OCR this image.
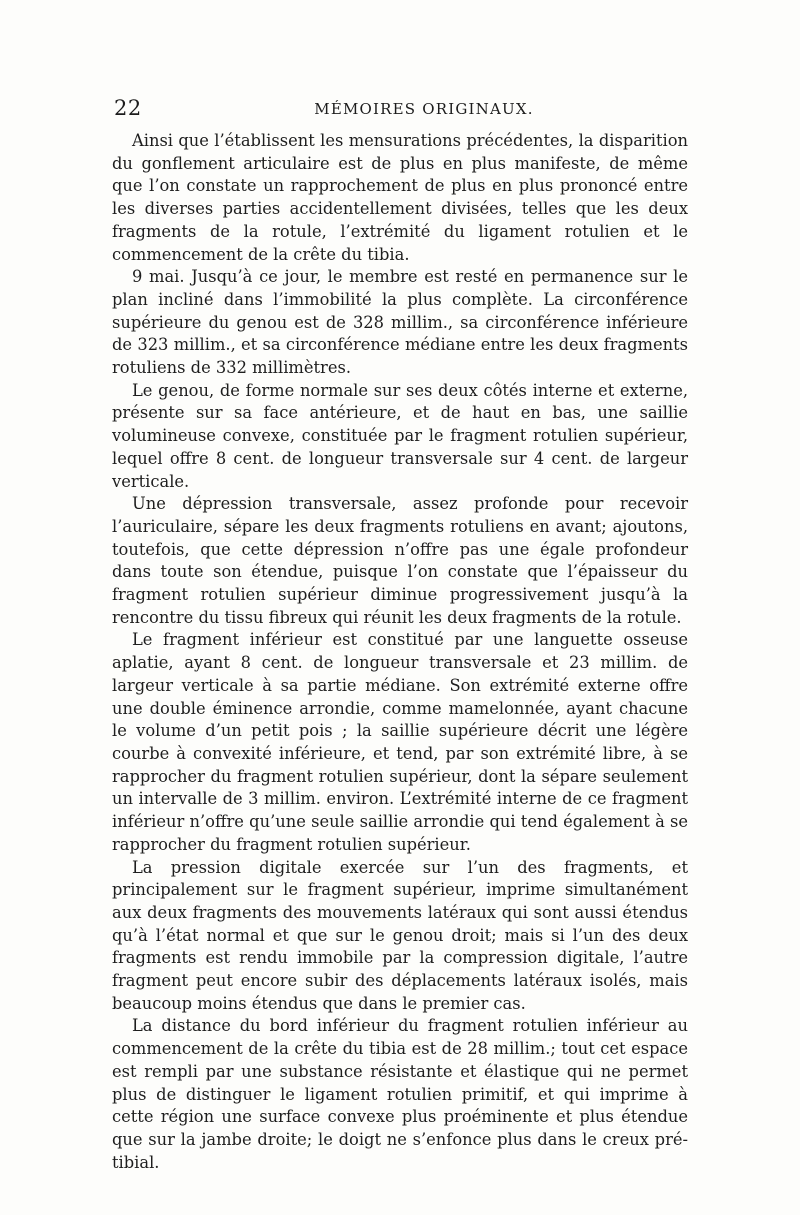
22	MÉMOIRES ORIGINAUX.

Ainsi que l’établissent les mensurations précédentes, la disparition du gonflement articulaire est de plus en plus manifeste, de même que l’on constate un rapprochement de plus en plus prononcé entre les diverses parties accidentellement divisées, telles que les deux fragments de la rotule, l’extrémité du ligament rotulien et le commencement de la crête du tibia.

9 mai. Jusqu’à ce jour, le membre est resté en permanence sur le plan incliné dans l’immobilité la plus complète. La circonférence supérieure du genou est de 328 millim., sa circonférence inférieure de 323 millim., et sa circonférence médiane entre les deux fragments rotuliens de 332 millimètres.

Le genou, de forme normale sur ses deux côtés interne et externe, présente sur sa face antérieure, et de haut en bas, une saillie volumineuse convexe, constituée par le fragment rotulien supérieur, lequel offre 8 cent. de longueur transversale sur 4 cent. de largeur verticale.

Une dépression transversale, assez profonde pour recevoir l’auriculaire, sépare les deux fragments rotuliens en avant; ajoutons, toutefois, que cette dépression n’offre pas une égale profondeur dans toute son étendue, puisque l’on constate que l’épaisseur du fragment rotulien supérieur diminue progressivement jusqu’à la rencontre du tissu fibreux qui réunit les deux fragments de la rotule.

Le fragment inférieur est constitué par une languette osseuse aplatie, ayant 8 cent. de longueur transversale et 23 millim. de largeur verticale à sa partie médiane. Son extrémité externe offre une double éminence arrondie, comme mamelonnée, ayant chacune le volume d’un petit pois ; la saillie supérieure décrit une légère courbe à convexité inférieure, et tend, par son extrémité libre, à se rapprocher du fragment rotulien supérieur, dont la sépare seulement un intervalle de 3 millim. environ. L’extrémité interne de ce fragment inférieur n’offre qu’une seule saillie arrondie qui tend également à se rapprocher du fragment rotulien supérieur.

La pression digitale exercée sur l’un des fragments, et principalement sur le fragment supérieur, imprime simultanément aux deux fragments des mouvements latéraux qui sont aussi étendus qu’à l’état normal et que sur le genou droit; mais si l’un des deux fragments est rendu immobile par la compression digitale, l’autre fragment peut encore subir des déplacements latéraux isolés, mais beaucoup moins étendus que dans le premier cas.

La distance du bord inférieur du fragment rotulien inférieur au commencement de la crête du tibia est de 28 millim.; tout cet espace est rempli par une substance résistante et élastique qui ne permet plus de distinguer le ligament rotulien primitif, et qui imprime à cette région une surface convexe plus proéminente et plus étendue que sur la jambe droite; le doigt ne s’enfonce plus dans le creux pré-tibial.
